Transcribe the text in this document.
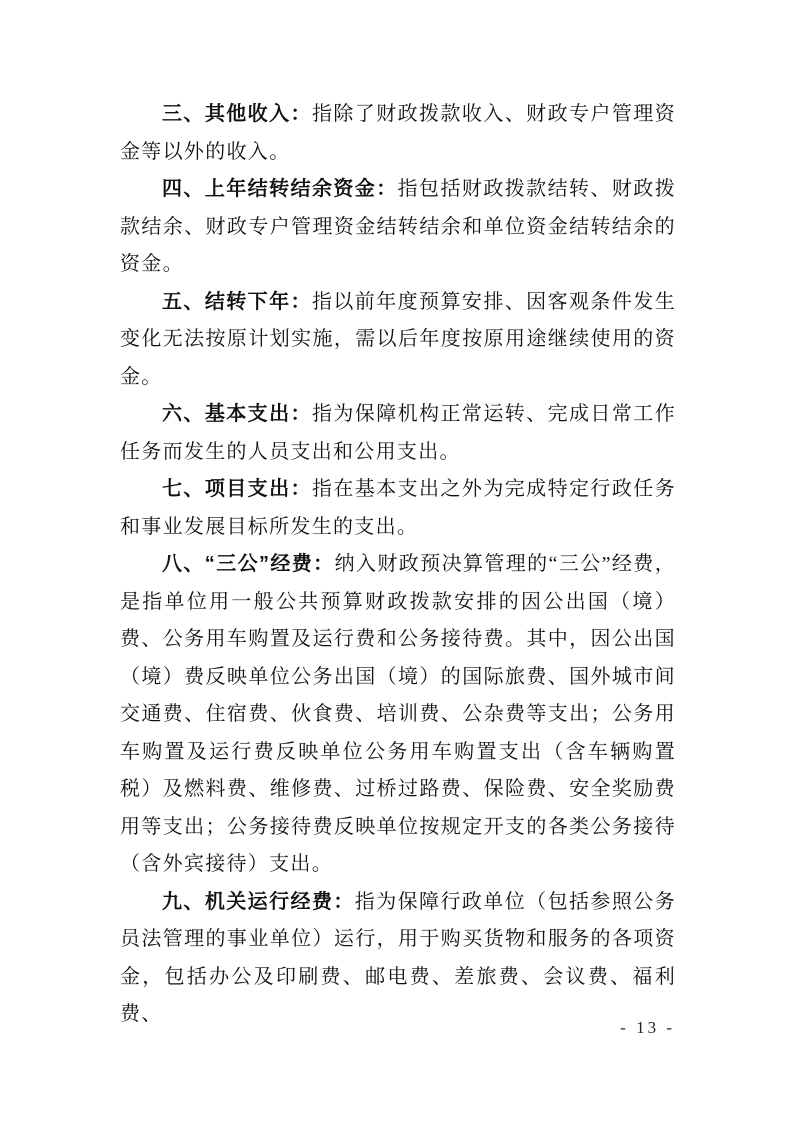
三、其他收入：指除了财政拨款收入、财政专户管理资金等以外的收入。

四、上年结转结余资金：指包括财政拨款结转、财政拨款结余、财政专户管理资金结转结余和单位资金结转结余的资金。

五、结转下年：指以前年度预算安排、因客观条件发生变化无法按原计划实施，需以后年度按原用途继续使用的资金。

六、基本支出：指为保障机构正常运转、完成日常工作任务而发生的人员支出和公用支出。

七、项目支出：指在基本支出之外为完成特定行政任务和事业发展目标所发生的支出。

八、“三公”经费：纳入财政预决算管理的“三公”经费，是指单位用一般公共预算财政拨款安排的因公出国（境）费、公务用车购置及运行费和公务接待费。其中，因公出国（境）费反映单位公务出国（境）的国际旅费、国外城市间交通费、住宿费、伙食费、培训费、公杂费等支出；公务用车购置及运行费反映单位公务用车购置支出（含车辆购置税）及燃料费、维修费、过桥过路费、保险费、安全奖励费用等支出；公务接待费反映单位按规定开支的各类公务接待（含外宾接待）支出。

九、机关运行经费：指为保障行政单位（包括参照公务员法管理的事业单位）运行，用于购买货物和服务的各项资金，包括办公及印刷费、邮电费、差旅费、会议费、福利费、

- 13 -
